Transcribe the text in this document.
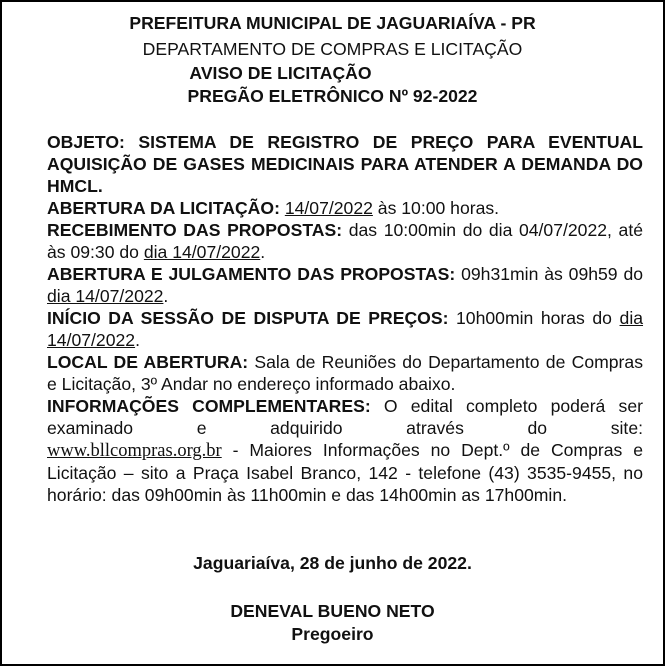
PREFEITURA MUNICIPAL DE JAGUARIAÍVA - PR
DEPARTAMENTO DE COMPRAS E LICITAÇÃO
AVISO DE LICITAÇÃO
PREGÃO ELETRÔNICO Nº 92-2022

OBJETO: SISTEMA DE REGISTRO DE PREÇO PARA EVENTUAL AQUISIÇÃO DE GASES MEDICINAIS PARA ATENDER A DEMANDA DO HMCL.

ABERTURA DA LICITAÇÃO: 14/07/2022 às 10:00 horas.

RECEBIMENTO DAS PROPOSTAS: das 10:00min do dia 04/07/2022, até às 09:30 do dia 14/07/2022.

ABERTURA E JULGAMENTO DAS PROPOSTAS: 09h31min às 09h59 do dia 14/07/2022.

INÍCIO DA SESSÃO DE DISPUTA DE PREÇOS: 10h00min horas do dia 14/07/2022.

LOCAL DE ABERTURA: Sala de Reuniões do Departamento de Compras e Licitação, 3º Andar no endereço informado abaixo.

INFORMAÇÕES COMPLEMENTARES: O edital completo poderá ser examinado e adquirido através do site:

www.bllcompras.org.br - Maiores Informações no Dept.º de Compras e Licitação – sito a Praça Isabel Branco, 142 - telefone (43) 3535-9455, no horário: das 09h00min às 11h00min e das 14h00min as 17h00min.

Jaguariaíva, 28 de junho de 2022.
DENEVAL BUENO NETO
Pregoeiro
